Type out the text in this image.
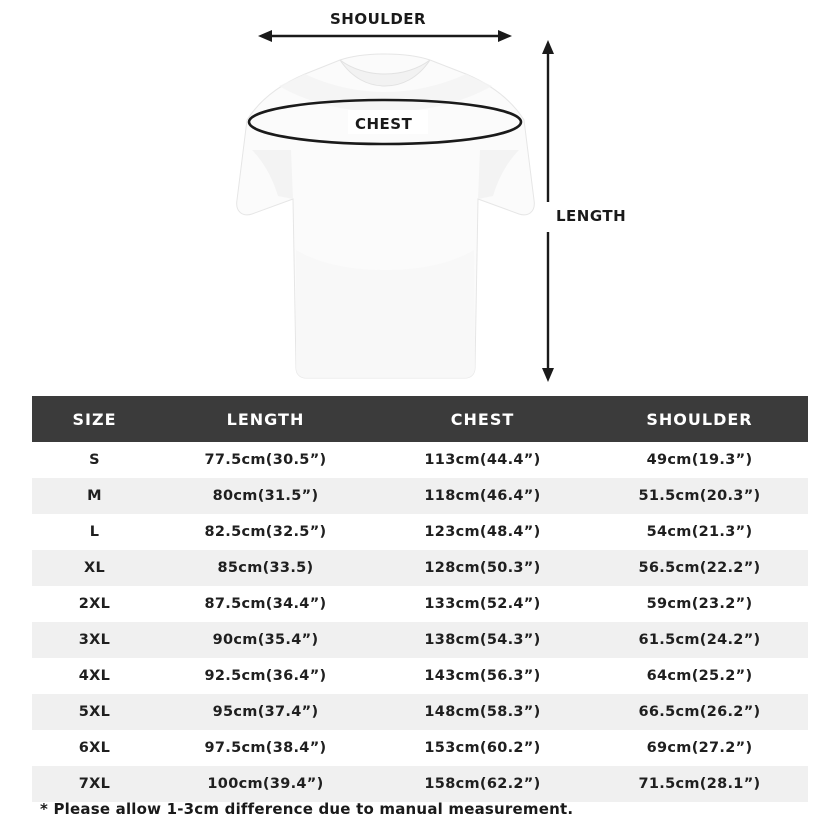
SHOULDER
CHEST
LENGTH
SIZE	LENGTH	CHEST	SHOULDER
S	77.5cm(30.5”)	113cm(44.4”)	49cm(19.3”)
M	80cm(31.5”)	118cm(46.4”)	51.5cm(20.3”)
L	82.5cm(32.5”)	123cm(48.4”)	54cm(21.3”)
XL	85cm(33.5)	128cm(50.3”)	56.5cm(22.2”)
2XL	87.5cm(34.4”)	133cm(52.4”)	59cm(23.2”)
3XL	90cm(35.4”)	138cm(54.3”)	61.5cm(24.2”)
4XL	92.5cm(36.4”)	143cm(56.3”)	64cm(25.2”)
5XL	95cm(37.4”)	148cm(58.3”)	66.5cm(26.2”)
6XL	97.5cm(38.4”)	153cm(60.2”)	69cm(27.2”)
7XL	100cm(39.4”)	158cm(62.2”)	71.5cm(28.1”)
* Please allow 1-3cm difference due to manual measurement.
